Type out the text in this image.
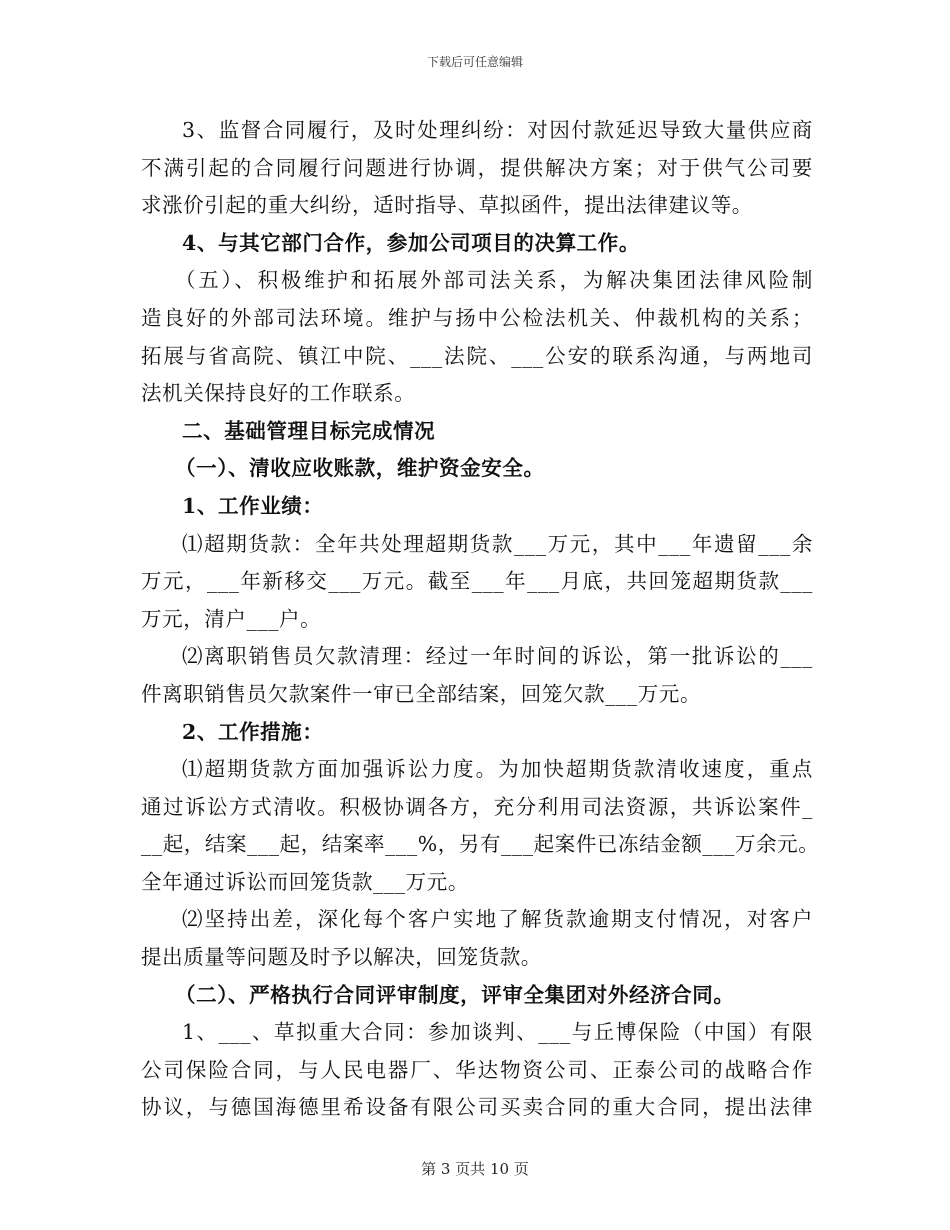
下载后可任意编辑
3、监督合同履行，及时处理纠纷：对因付款延迟导致大量供应商
不满引起的合同履行问题进行协调，提供解决方案；对于供气公司要
求涨价引起的重大纠纷，适时指导、草拟函件，提出法律建议等。
4、与其它部门合作，参加公司项目的决算工作。
（五）、积极维护和拓展外部司法关系，为解决集团法律风险制
造良好的外部司法环境。维护与扬中公检法机关、仲裁机构的关系；
拓展与省高院、镇江中院、___法院、___公安的联系沟通，与两地司
法机关保持良好的工作联系。
二、基础管理目标完成情况
（一）、清收应收账款，维护资金安全。
1、工作业绩：
⑴超期货款：全年共处理超期货款___万元，其中___年遗留___余
万元，___年新移交___万元。截至___年___月底，共回笼超期货款___
万元，清户___户。
⑵离职销售员欠款清理：经过一年时间的诉讼，第一批诉讼的___
件离职销售员欠款案件一审已全部结案，回笼欠款___万元。
2、工作措施：
⑴超期货款方面加强诉讼力度。为加快超期货款清收速度，重点
通过诉讼方式清收。积极协调各方，充分利用司法资源，共诉讼案件_
__起，结案___起，结案率___%，另有___起案件已冻结金额___万余元。
全年通过诉讼而回笼货款___万元。
⑵坚持出差，深化每个客户实地了解货款逾期支付情况，对客户
提出质量等问题及时予以解决，回笼货款。
（二）、严格执行合同评审制度，评审全集团对外经济合同。
1、___、草拟重大合同：参加谈判、___与丘博保险（中国）有限
公司保险合同，与人民电器厂、华达物资公司、正泰公司的战略合作
协议，与德国海德里希设备有限公司买卖合同的重大合同，提出法律
第 3 页共 10 页
